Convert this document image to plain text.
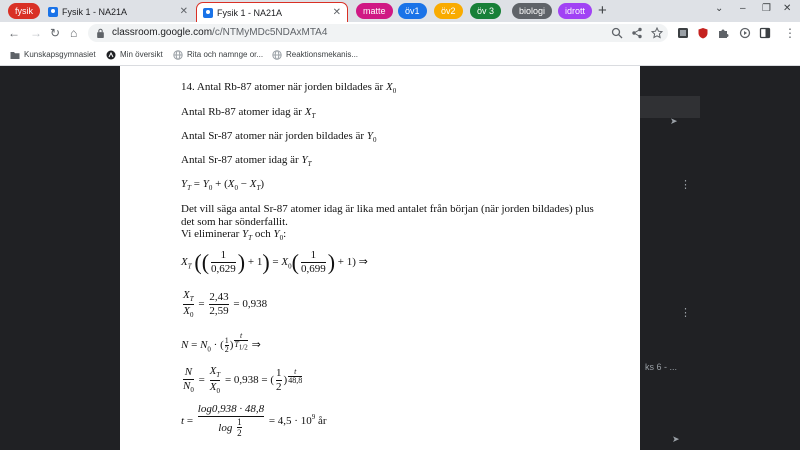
fysik	Fysik 1 - NA21A	✕	Fysik 1 - NA21A	✕	matte	öv1	öv2	öv 3	biologi	idrott +	⌄ – ❐ ✕
← → ↻ ⌂	classroom.google.com/c/NTMyMDc5NDAxMTA4	⋮
Kunskapsgymnasiet	Min översikt	Rita och namnge or...	Reaktionsmekanis...
➤
⋮
⋮
ks 6 - ...
➤
14. Antal Rb-87 atomer när jorden bildades är $X_0$
Antal Rb-87 atomer idag är $X_T$
Antal Sr-87 atomer när jorden bildades är $Y_0$
Antal Sr-87 atomer idag är $Y_T$
$Y_T = Y_0 + (X_0 - X_T)$
Det vill säga antal Sr-87 atomer idag är lika med antalet från början (när jorden bildades) plus
det som har sönderfallit.
Vi eliminerar $Y_T$ och $Y_0$:
$X_T$ (( $\frac{1}{0,629}$ ) + $1) = X_0( \frac{1}{0,699}$ ) + 1) ⇒
$\frac{X_T}{X_0} = \frac{2,43}{2,59} = 0,938$
$N = N_0$ · ( $\frac{1}{2}$ ) $^{\frac{t}{T_{1/2}}}$ ⇒
$\frac{N}{N_0} = \frac{X_T}{X_0} = 0,938$ = ( $\frac{1}{2}$ ) $^{\frac{t}{48,8}}$
$t = \frac{\log 0,938 \cdot 48,8}{\log \frac{1}{2}} = 4,5 \cdot 10^9$ år
